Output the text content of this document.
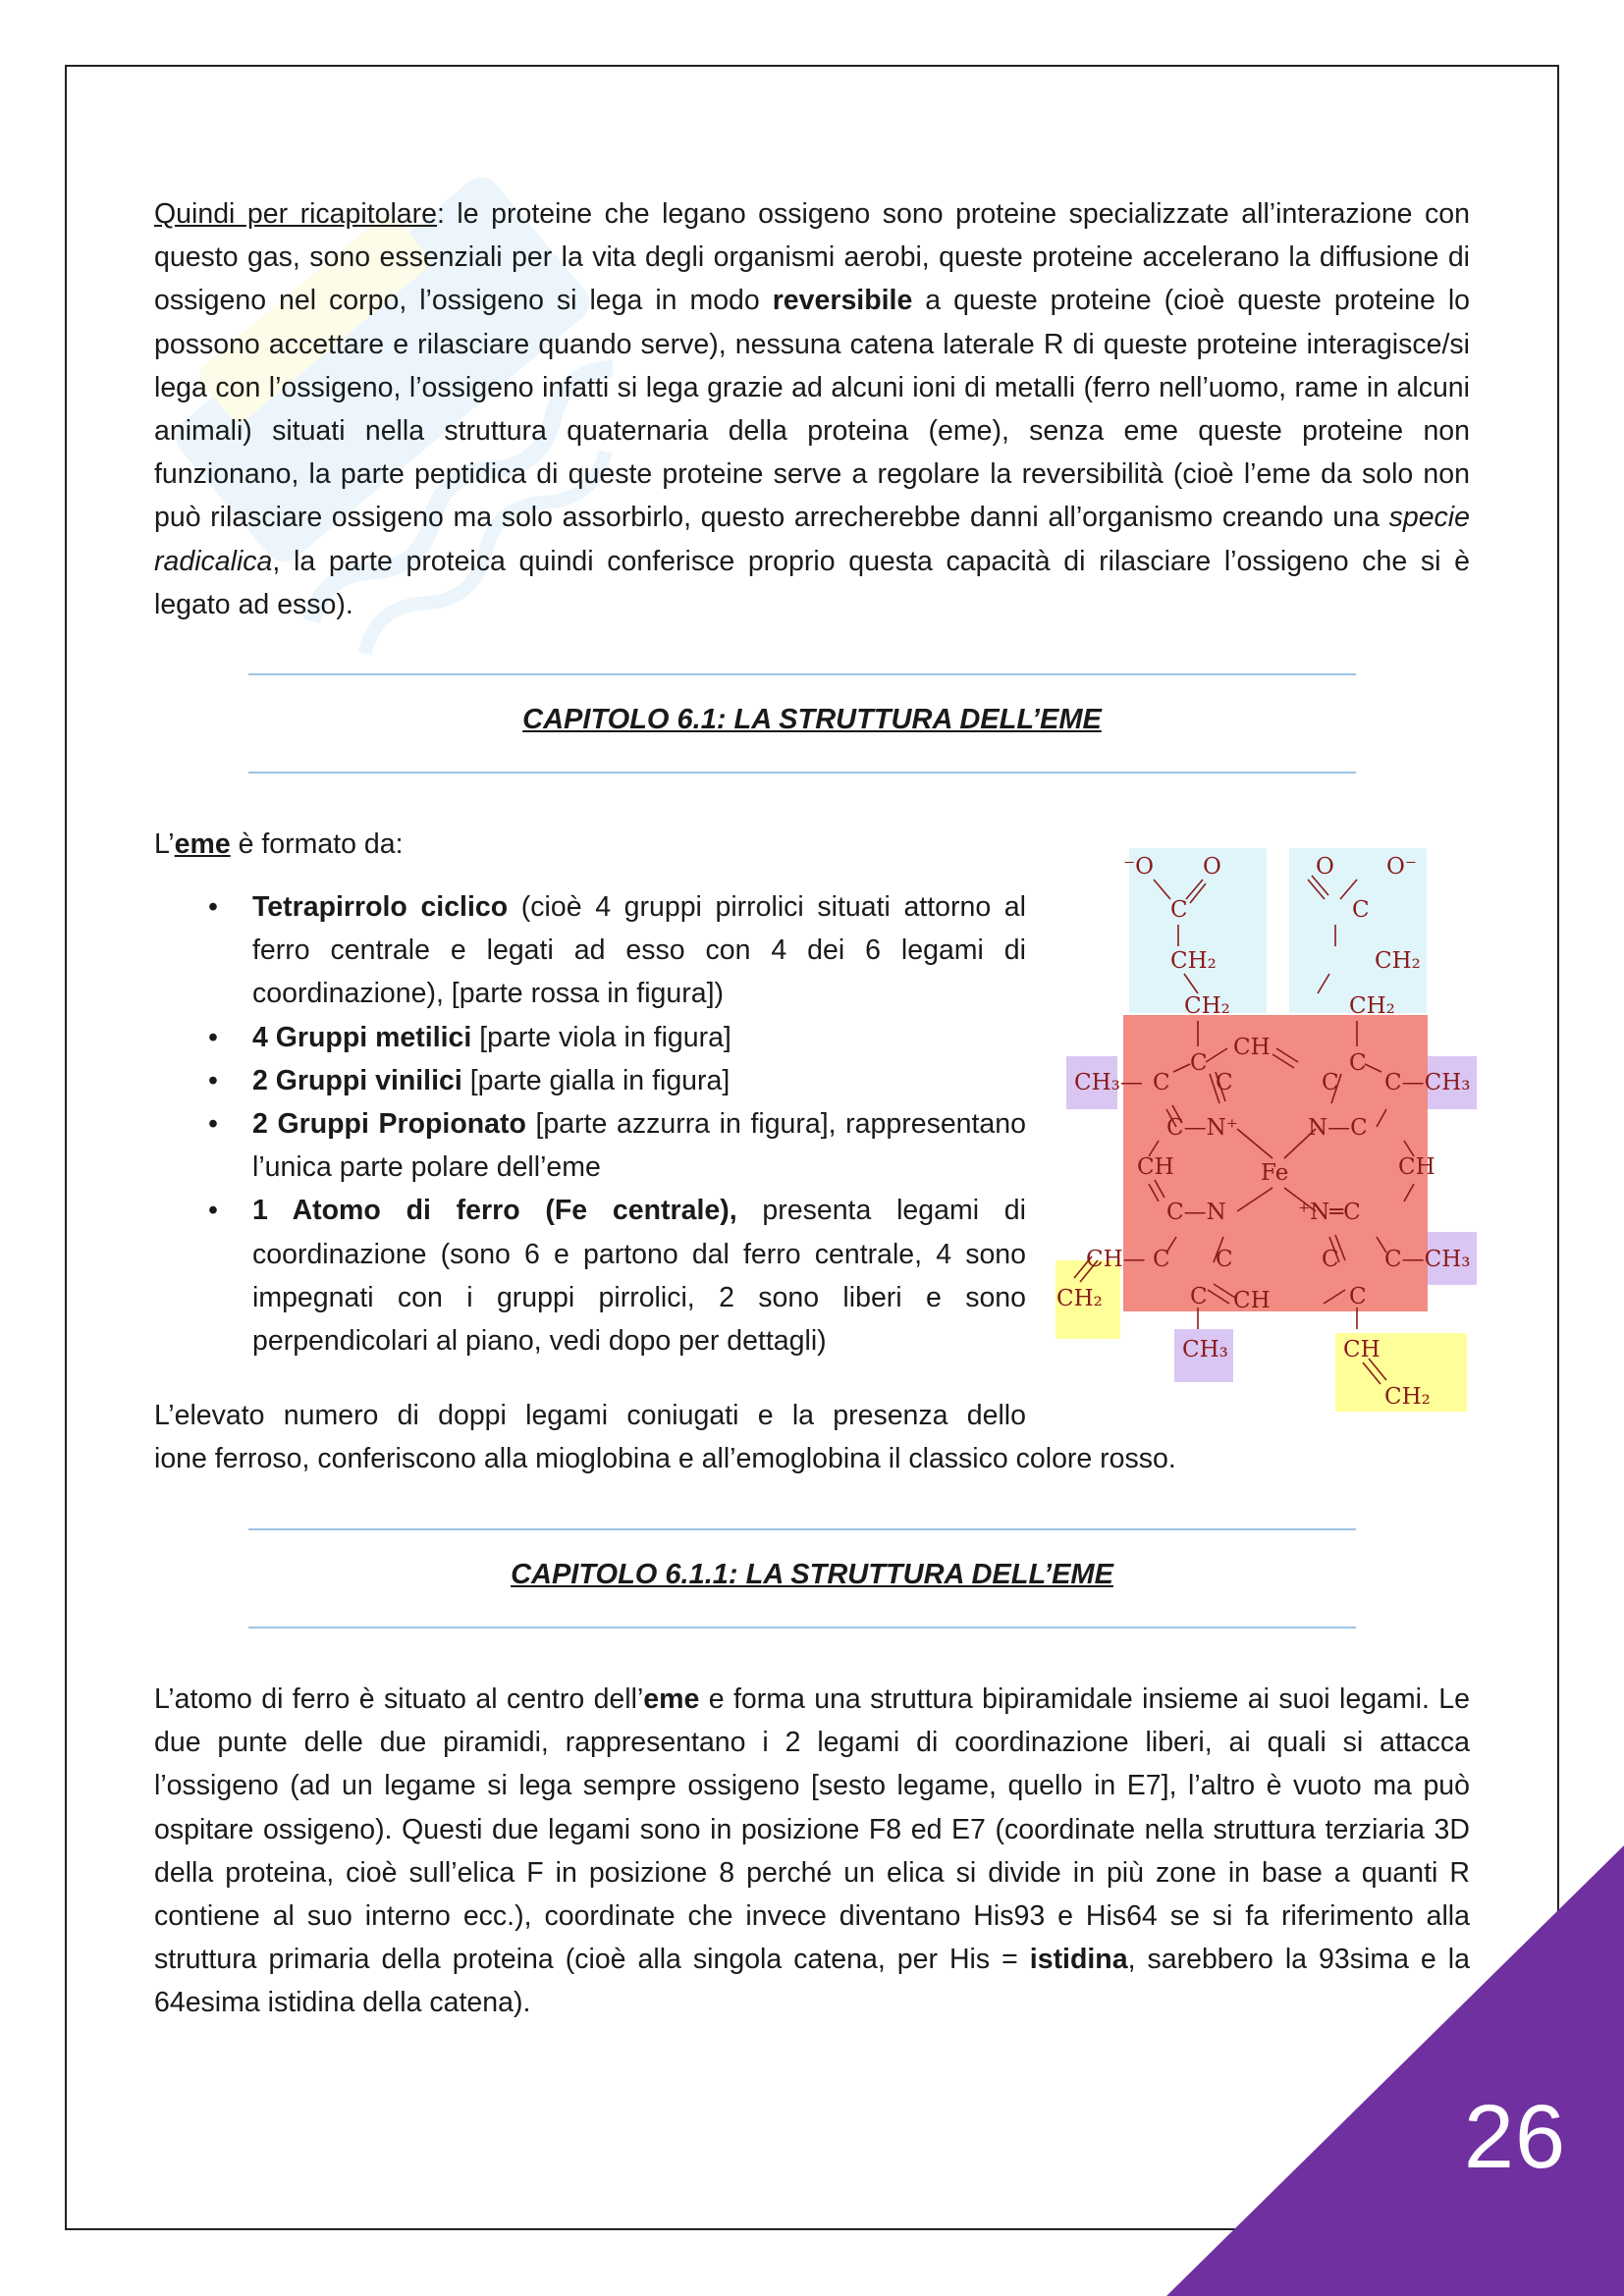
Quindi per ricapitolare: le proteine che legano ossigeno sono proteine specializzate all’interazione con questo gas, sono essenziali per la vita degli organismi aerobi, queste proteine accelerano la diffusione di ossigeno nel corpo, l’ossigeno si lega in modo reversibile a queste proteine (cioè queste proteine lo possono accettare e rilasciare quando serve), nessuna catena laterale R di queste proteine interagisce/si lega con l’ossigeno, l’ossigeno infatti si lega grazie ad alcuni ioni di metalli (ferro nell’uomo, rame in alcuni animali) situati nella struttura quaternaria della proteina (eme), senza eme queste proteine non funzionano, la parte peptidica di queste proteine serve a regolare la reversibilità (cioè l’eme da solo non può rilasciare ossigeno ma solo assorbirlo, questo arrecherebbe danni all’organismo creando una specie radicalica, la parte proteica quindi conferisce proprio questa capacità di rilasciare l’ossigeno che si è legato ad esso).

CAPITOLO 6.1: LA STRUTTURA DELL’EME
L’eme è formato da:
• Tetrapirrolo ciclico (cioè 4 gruppi pirrolici situati attorno al ferro centrale e legati ad esso con 4 dei 6 legami di coordinazione), [parte rossa in figura])
• 4 Gruppi metilici [parte viola in figura]
• 2 Gruppi vinilici [parte gialla in figura]
• 2 Gruppi Propionato [parte azzurra in figura], rappresentano l’unica parte polare dell’eme
• 1 Atomo di ferro (Fe centrale), presenta legami di coordinazione (sono 6 e partono dal ferro centrale, 4 sono impegnati con i gruppi pirrolici, 2 sono liberi e sono perpendicolari al piano, vedi dopo per dettagli)
L’elevato numero di doppi legami coniugati e la presenza dello
ione ferroso, conferiscono alla mioglobina e all’emoglobina il classico colore rosso.
⁻O O
C
CH₂
CH₂
O O⁻
C
CH₂
CH₂
CH
C	C
CH₃— C C	C C—CH₃
C—N⁺	N—C
CH	Fe	CH
C—N	⁺N═C
CH— C C	C C—CH₃
CH₂	C CH	C
CH₃	CH
CH₂
CAPITOLO 6.1.1: LA STRUTTURA DELL’EME

L’atomo di ferro è situato al centro dell’eme e forma una struttura bipiramidale insieme ai suoi legami. Le due punte delle due piramidi, rappresentano i 2 legami di coordinazione liberi, ai quali si attacca l’ossigeno (ad un legame si lega sempre ossigeno [sesto legame, quello in E7], l’altro è vuoto ma può ospitare ossigeno). Questi due legami sono in posizione F8 ed E7 (coordinate nella struttura terziaria 3D della proteina, cioè sull’elica F in posizione 8 perché un elica si divide in più zone in base a quanti R contiene al suo interno ecc.), coordinate che invece diventano His93 e His64 se si fa riferimento alla struttura primaria della proteina (cioè alla singola catena, per His = istidina, sarebbero la 93sima e la 64esima istidina della catena).

26
